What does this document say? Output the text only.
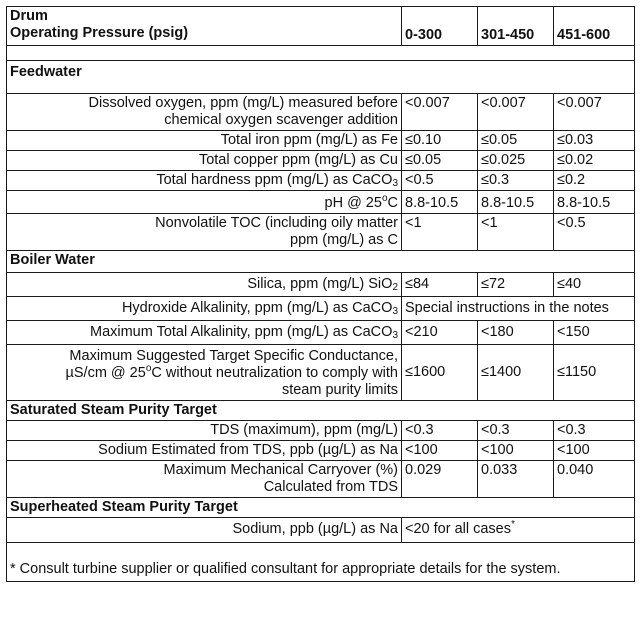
Drum
Operating Pressure (psig)	0-300	301-450	451-600

Feedwater			

Dissolved oxygen, ppm (mg/L) measured before
chemical oxygen scavenger addition	<0.007	<0.007	<0.007
Total iron ppm (mg/L) as Fe	≤0.10	≤0.05	≤0.03
Total copper ppm (mg/L) as Cu	≤0.05	≤0.025	≤0.02
Total hardness ppm (mg/L) as CaCO$_3$	<0.5	≤0.3	≤0.2
pH @ 25$^o$C	8.8-10.5	8.8-10.5	8.8-10.5

Nonvolatile TOC (including oily matter
ppm (mg/L) as C	<1	<1	<0.5
Boiler Water			
Silica, ppm (mg/L) SiO$_2$	≤84	≤72	≤40
Hydroxide Alkalinity, ppm (mg/L) as CaCO$_3$	Special instructions in the notes		
Maximum Total Alkalinity, ppm (mg/L) as CaCO$_3$	<210	<180	<150

Maximum Suggested Target Specific Conductance,
µS/cm @ 25$^o$C without neutralization to comply with
steam purity limits	≤1600	≤1400	≤1150
Saturated Steam Purity Target			
TDS (maximum), ppm (mg/L)	<0.3	<0.3	<0.3
Sodium Estimated from TDS, ppb (µg/L) as Na	<100	<100	<100

Maximum Mechanical Carryover (%)
Calculated from TDS	0.029	0.033	0.040
Superheated Steam Purity Target			
Sodium, ppb (µg/L) as Na	<20 for all cases*
* Consult turbine supplier or qualified consultant for appropriate details for the system.			
